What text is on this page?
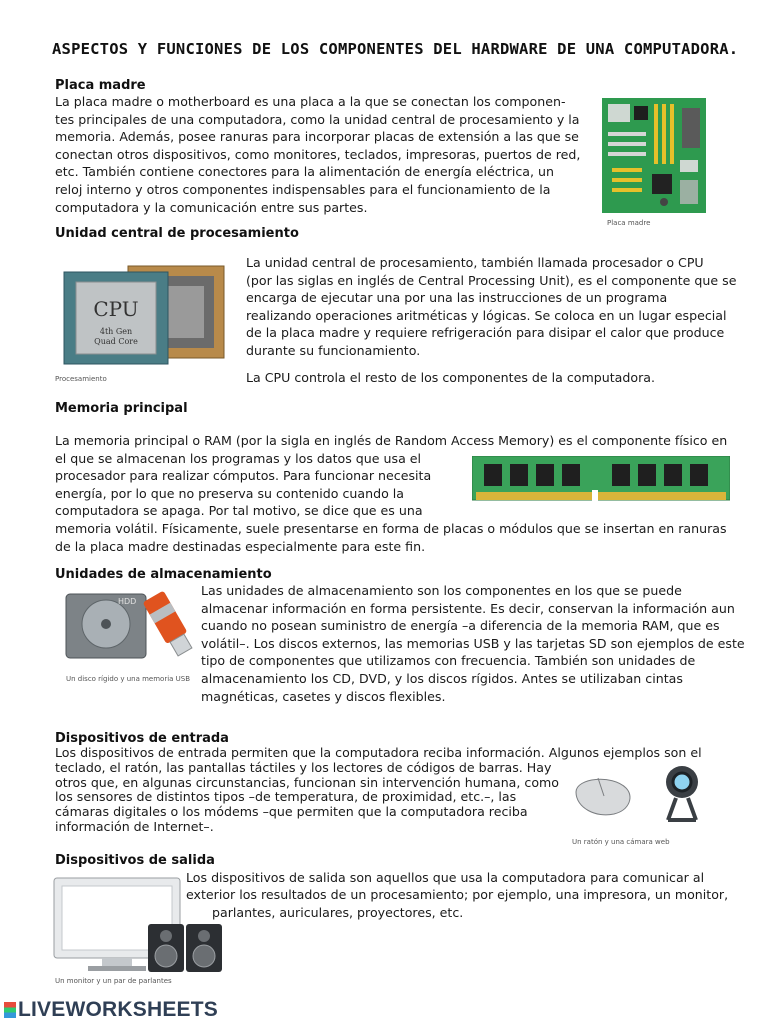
ASPECTOS Y FUNCIONES DE LOS COMPONENTES DEL HARDWARE DE UNA COMPUTADORA.
Placa madre
La placa madre o motherboard es una placa a la que se conectan los componen-
tes principales de una computadora, como la unidad central de procesamiento y la
memoria. Además, posee ranuras para incorporar placas de extensión a las que se
conectan otros dispositivos, como monitores, teclados, impresoras, puertos de red,
etc. También contiene conectores para la alimentación de energía eléctrica, un
reloj interno y otros componentes indispensables para el funcionamiento de la
computadora y la comunicación entre sus partes.
Placa madre
Unidad central de procesamiento
CPU
4th Gen
Quad Core
Procesamiento
La unidad central de procesamiento, también llamada procesador o CPU
(por las siglas en inglés de Central Processing Unit), es el componente que se
encarga de ejecutar una por una las instrucciones de un programa
realizando operaciones aritméticas y lógicas. Se coloca en un lugar especial
de la placa madre y requiere refrigeración para disipar el calor que produce
durante su funcionamiento.
La CPU controla el resto de los componentes de la computadora.
Memoria principal
La memoria principal o RAM (por la sigla en inglés de Random Access Memory) es el componente físico en
el que se almacenan los programas y los datos que usa el
procesador para realizar cómputos. Para funcionar necesita
energía, por lo que no preserva su contenido cuando la
computadora se apaga. Por tal motivo, se dice que es una
memoria volátil. Físicamente, suele presentarse en forma de placas o módulos que se insertan en ranuras
de la placa madre destinadas especialmente para este fin.
Unidades de almacenamiento
HDD
Un disco rígido y una memoria USB
Las unidades de almacenamiento son los componentes en los que se puede
almacenar información en forma persistente. Es decir, conservan la información aun
cuando no posean suministro de energía –a diferencia de la memoria RAM, que es
volátil–. Los discos externos, las memorias USB y las tarjetas SD son ejemplos de este
tipo de componentes que utilizamos con frecuencia. También son unidades de
almacenamiento los CD, DVD, y los discos rígidos. Antes se utilizaban cintas
magnéticas, casetes y discos flexibles.
Dispositivos de entrada
Los dispositivos de entrada permiten que la computadora reciba información. Algunos ejemplos son el
teclado, el ratón, las pantallas táctiles y los lectores de códigos de barras. Hay
otros que, en algunas circunstancias, funcionan sin intervención humana, como
los sensores de distintos tipos –de temperatura, de proximidad, etc.–, las
cámaras digitales o los módems –que permiten que la computadora reciba
información de Internet–.
Un ratón y una cámara web
Dispositivos de salida
Los dispositivos de salida son aquellos que usa la computadora para comunicar al
exterior los resultados de un procesamiento; por ejemplo, una impresora, un monitor,
parlantes, auriculares, proyectores, etc.
Un monitor y un par de parlantes
LIVEWORKSHEETS
